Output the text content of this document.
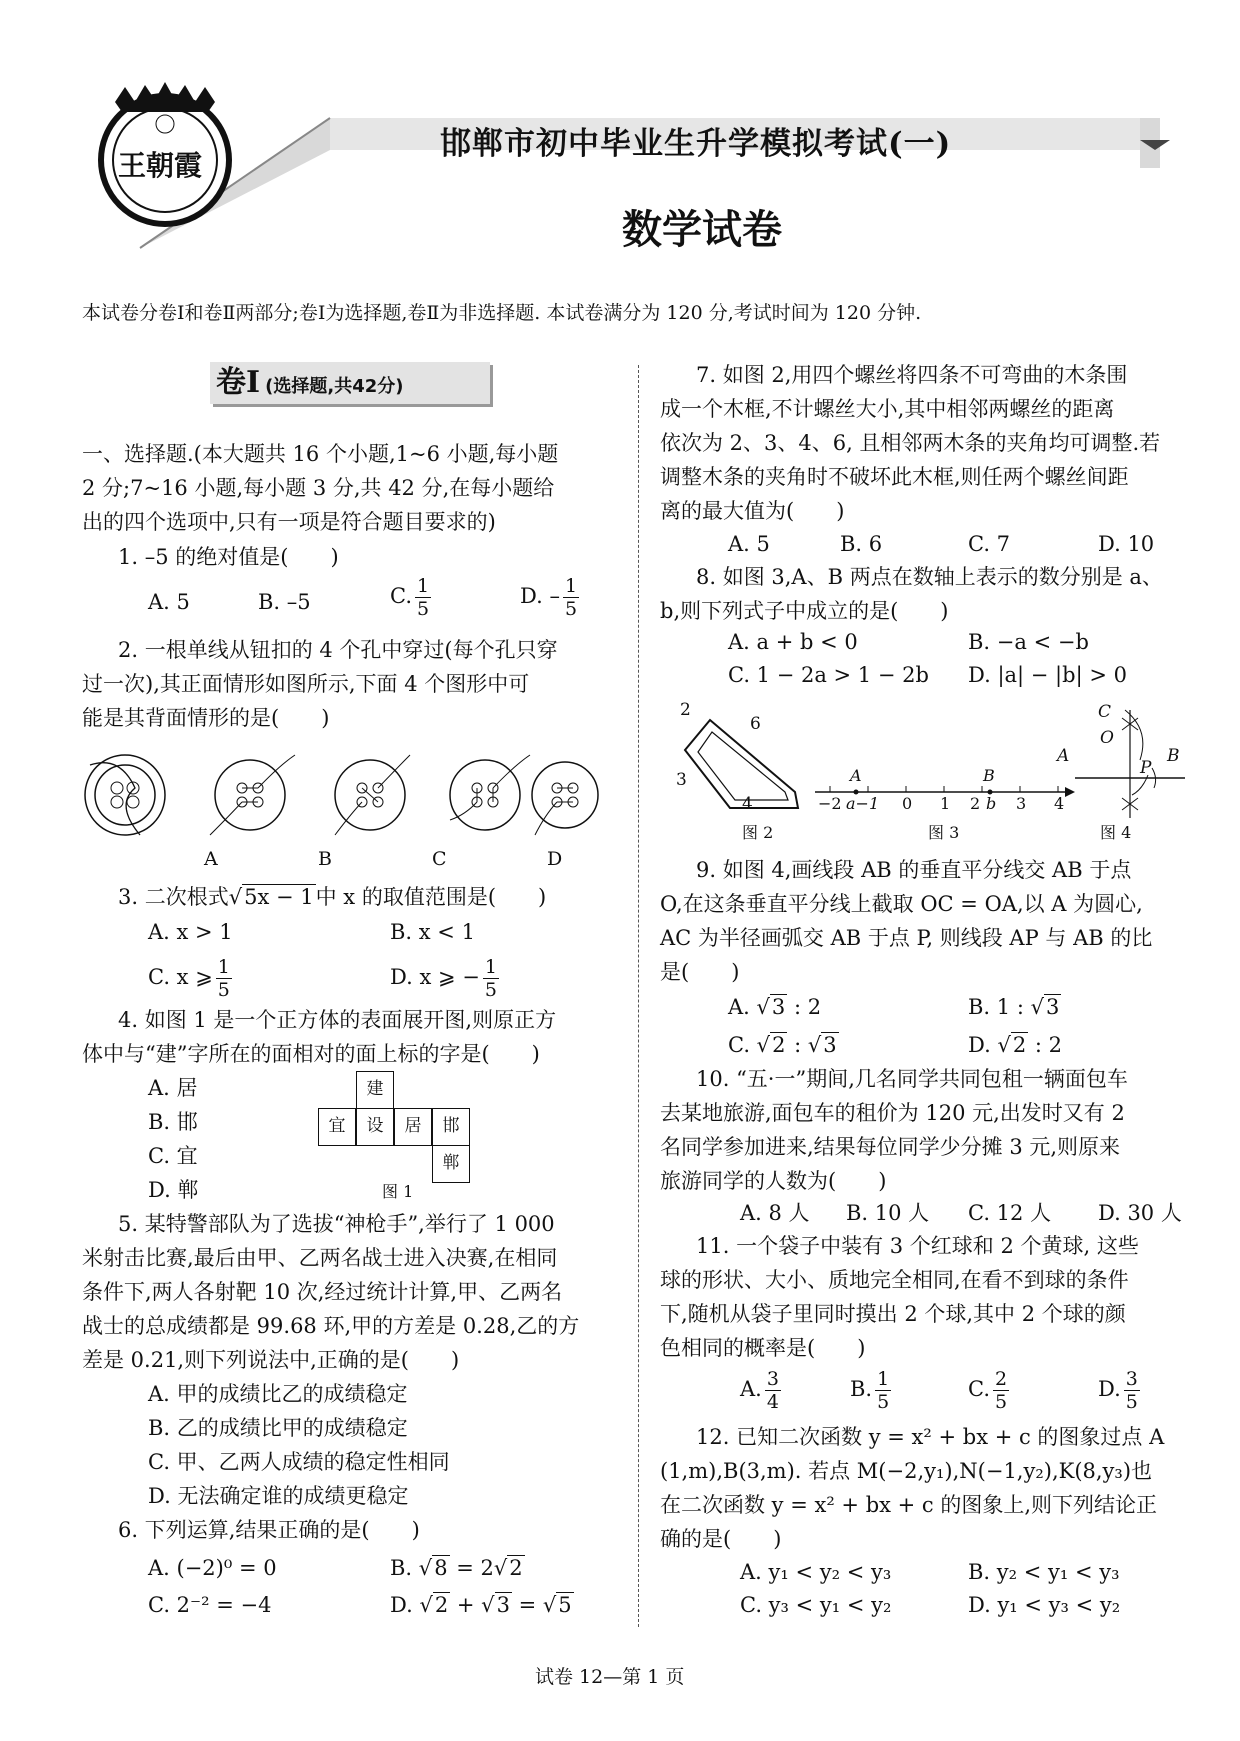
王朝霞
邯郸市初中毕业生升学模拟考试(一)
数学试卷
本试卷分卷Ⅰ和卷Ⅱ两部分;卷Ⅰ为选择题,卷Ⅱ为非选择题. 本试卷满分为 120 分,考试时间为 120 分钟.
卷Ⅰ (选择题,共42分)
一、选择题.(本大题共 16 个小题,1~6 小题,每小题
2 分;7~16 小题,每小题 3 分,共 42 分,在每小题给
出的四个选项中,只有一项是符合题目要求的)
1. –5 的绝对值是(　　)
A. 5	B. –5	C. $\frac{1}{5}$	D. – $\frac{1}{5}$
2. 一根单线从钮扣的 4 个孔中穿过(每个孔只穿
过一次),其正面情形如图所示,下面 4 个图形中可
能是其背面情形的是(　　)
A	B	C	D
3. 二次根式√5x − 1中 x 的取值范围是(　　)
A. x > 1	B. x < 1
C. x ⩾ $\frac{1}{5}$	D. x ⩾ − $\frac{1}{5}$
4. 如图 1 是一个正方体的表面展开图,则原正方
体中与“建”字所在的面相对的面上标的字是(　　)
A. 居
B. 邯
C. 宜
D. 郸
建
宜	设	居	邯
郸
图 1
5. 某特警部队为了选拔“神枪手”,举行了 1 000
米射击比赛,最后由甲、乙两名战士进入决赛,在相同
条件下,两人各射靶 10 次,经过统计计算,甲、乙两名
战士的总成绩都是 99.68 环,甲的方差是 0.28,乙的方
差是 0.21,则下列说法中,正确的是(　　)
A. 甲的成绩比乙的成绩稳定
B. 乙的成绩比甲的成绩稳定
C. 甲、乙两人成绩的稳定性相同
D. 无法确定谁的成绩更稳定
6. 下列运算,结果正确的是(　　)
A. (−2)⁰ = 0	B. √8 = 2√2
C. 2⁻² = −4	D. √2 + √3 = √5
7. 如图 2,用四个螺丝将四条不可弯曲的木条围
成一个木框,不计螺丝大小,其中相邻两螺丝的距离
依次为 2、3、4、6, 且相邻两木条的夹角均可调整.若
调整木条的夹角时不破坏此木框,则任两个螺丝间距
离的最大值为(　　)
A. 5	B. 6	C. 7	D. 10
8. 如图 3,A、B 两点在数轴上表示的数分别是 a、
b,则下列式子中成立的是(　　)
A. a + b < 0	B. −a < −b
C. 1 − 2a > 1 − 2b D. |a| − |b| > 0
2
6
3
4
图 2
A	B
−2 a−1 0 1 2 b 3 4
图 3
C
O
A	B
P
图 4
9. 如图 4,画线段 AB 的垂直平分线交 AB 于点
O,在这条垂直平分线上截取 OC = OA,以 A 为圆心,
AC 为半径画弧交 AB 于点 P, 则线段 AP 与 AB 的比
是(　　)
A. √3 : 2	B. 1 : √3
C. √2 : √3	D. √2 : 2
10. “五·一”期间,几名同学共同包租一辆面包车
去某地旅游,面包车的租价为 120 元,出发时又有 2
名同学参加进来,结果每位同学少分摊 3 元,则原来
旅游同学的人数为(　　)
A. 8 人 B. 10 人 C. 12 人 D. 30 人
11. 一个袋子中装有 3 个红球和 2 个黄球, 这些
球的形状、大小、质地完全相同,在看不到球的条件
下,随机从袋子里同时摸出 2 个球,其中 2 个球的颜
色相同的概率是(　　)
A. $\frac{3}{4}$	B. $\frac{1}{5}$	C. $\frac{2}{5}$	D. $\frac{3}{5}$
12. 已知二次函数 y = x² + bx + c 的图象过点 A
(1,m),B(3,m). 若点 M(−2,y₁),N(−1,y₂),K(8,y₃)也
在二次函数 y = x² + bx + c 的图象上,则下列结论正
确的是(　　)
A. y₁ < y₂ < y₃	B. y₂ < y₁ < y₃
C. y₃ < y₁ < y₂	D. y₁ < y₃ < y₂
试卷 12—第 1 页
